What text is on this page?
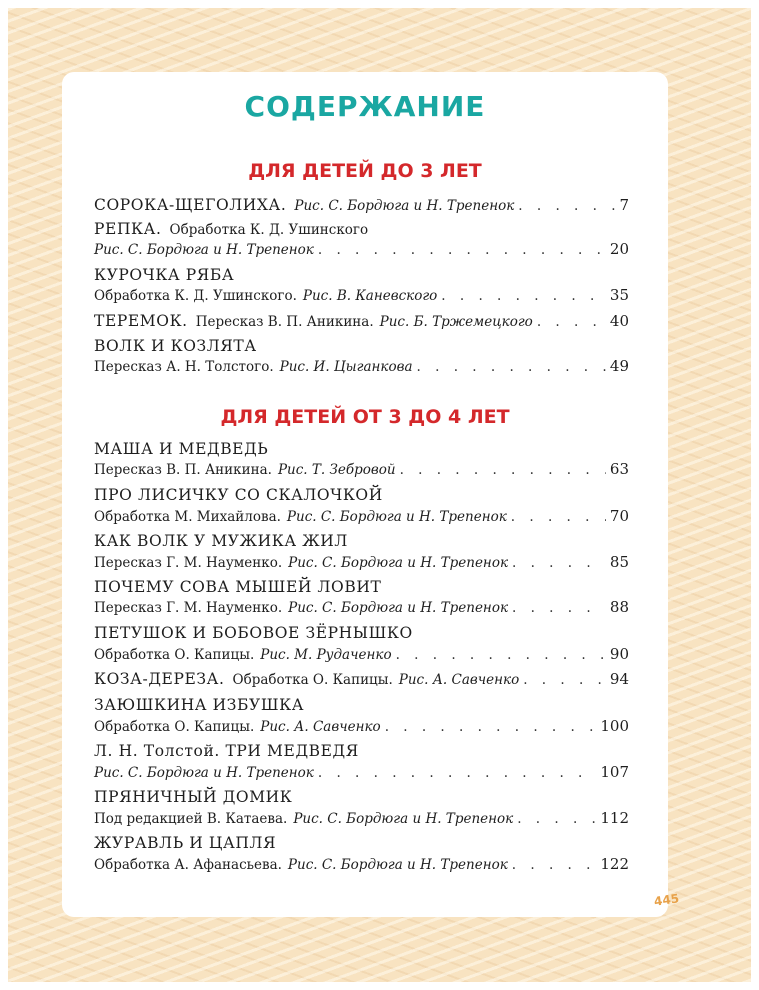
СОДЕРЖАНИЕ
ДЛЯ ДЕТЕЙ ДО 3 ЛЕТ
СОРОКА-ЩЕГОЛИХА. Рис. С. Бордюга и Н. Трепенок . . .	7
РЕПКА. Обработка К. Д. Ушинского
Рис. С. Бордюга и Н. Трепенок . . .	20
КУРОЧКА РЯБА
Обработка К. Д. Ушинского. Рис. В. Каневского . . .	35
ТЕРЕМОК. Пересказ В. П. Аникина. Рис. Б. Тржемецкого . . .	40
ВОЛК И КОЗЛЯТА
Пересказ А. Н. Толстого. Рис. И. Цыганкова . . .	49
ДЛЯ ДЕТЕЙ ОТ 3 ДО 4 ЛЕТ
МАША И МЕДВЕДЬ
Пересказ В. П. Аникина. Рис. Т. Зебровой . . .	63
ПРО ЛИСИЧКУ СО СКАЛОЧКОЙ
Обработка М. Михайлова. Рис. С. Бордюга и Н. Трепенок . . .	70
КАК ВОЛК У МУЖИКА ЖИЛ
Пересказ Г. М. Науменко. Рис. С. Бордюга и Н. Трепенок . . .	85
ПОЧЕМУ СОВА МЫШЕЙ ЛОВИТ
Пересказ Г. М. Науменко. Рис. С. Бордюга и Н. Трепенок . . .	88
ПЕТУШОК И БОБОВОЕ ЗЁРНЫШКО
Обработка О. Капицы. Рис. М. Рудаченко . . .	90
КОЗА-ДЕРЕЗА. Обработка О. Капицы. Рис. А. Савченко . . .	94
ЗАЮШКИНА ИЗБУШКА
Обработка О. Капицы. Рис. А. Савченко . . .	100
Л. Н. Толстой. ТРИ МЕДВЕДЯ
Рис. С. Бордюга и Н. Трепенок . . .	107
ПРЯНИЧНЫЙ ДОМИК
Под редакцией В. Катаева. Рис. С. Бордюга и Н. Трепенок . . .	112
ЖУРАВЛЬ И ЦАПЛЯ
Обработка А. Афанасьева. Рис. С. Бордюга и Н. Трепенок . . .	122
445
